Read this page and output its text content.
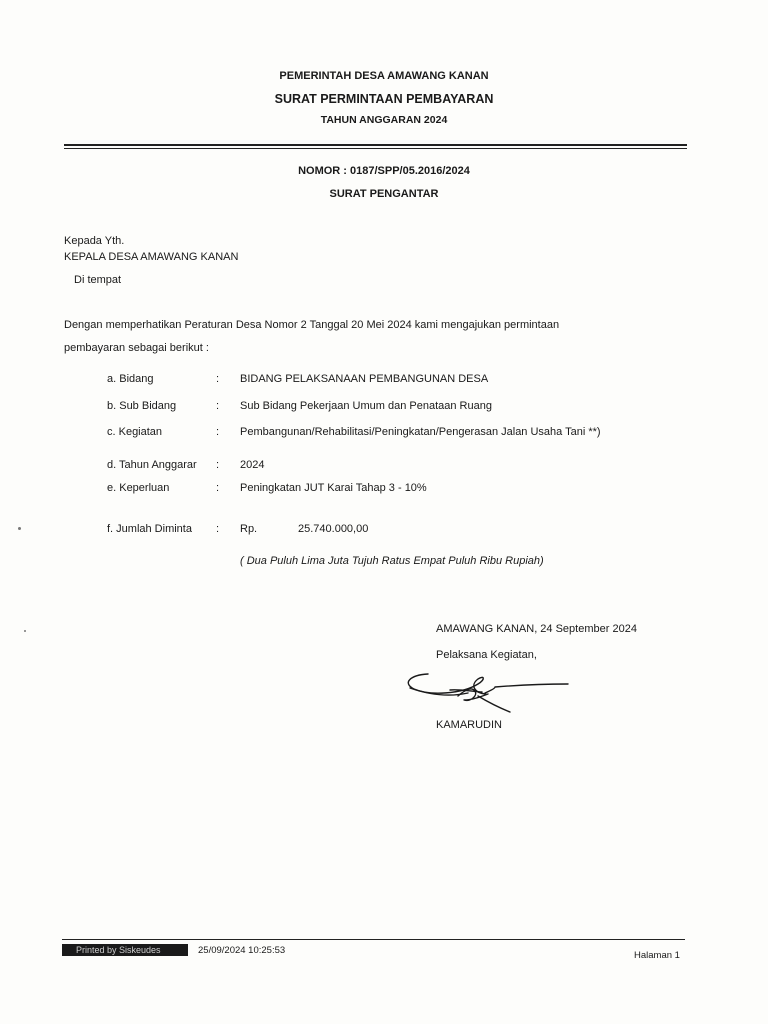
PEMERINTAH DESA AMAWANG KANAN
SURAT PERMINTAAN PEMBAYARAN
TAHUN ANGGARAN 2024
NOMOR : 0187/SPP/05.2016/2024
SURAT PENGANTAR
Kepada Yth.
KEPALA DESA AMAWANG KANAN
Di tempat
Dengan memperhatikan Peraturan Desa Nomor 2 Tanggal 20 Mei 2024 kami mengajukan permintaan
pembayaran sebagai berikut :
a. Bidang	: BIDANG PELAKSANAAN PEMBANGUNAN DESA
b. Sub Bidang	: Sub Bidang Pekerjaan Umum dan Penataan Ruang
c. Kegiatan	: Pembangunan/Rehabilitasi/Peningkatan/Pengerasan Jalan Usaha Tani **)
d. Tahun Anggarar : 2024
e. Keperluan	: Peningkatan JUT Karai Tahap 3 - 10%
f. Jumlah Diminta : Rp.	25.740.000,00
( Dua Puluh Lima Juta Tujuh Ratus Empat Puluh Ribu Rupiah)
AMAWANG KANAN, 24 September 2024
Pelaksana Kegiatan,
KAMARUDIN
Printed by Siskeudes	25/09/2024 10:25:53	Halaman 1
